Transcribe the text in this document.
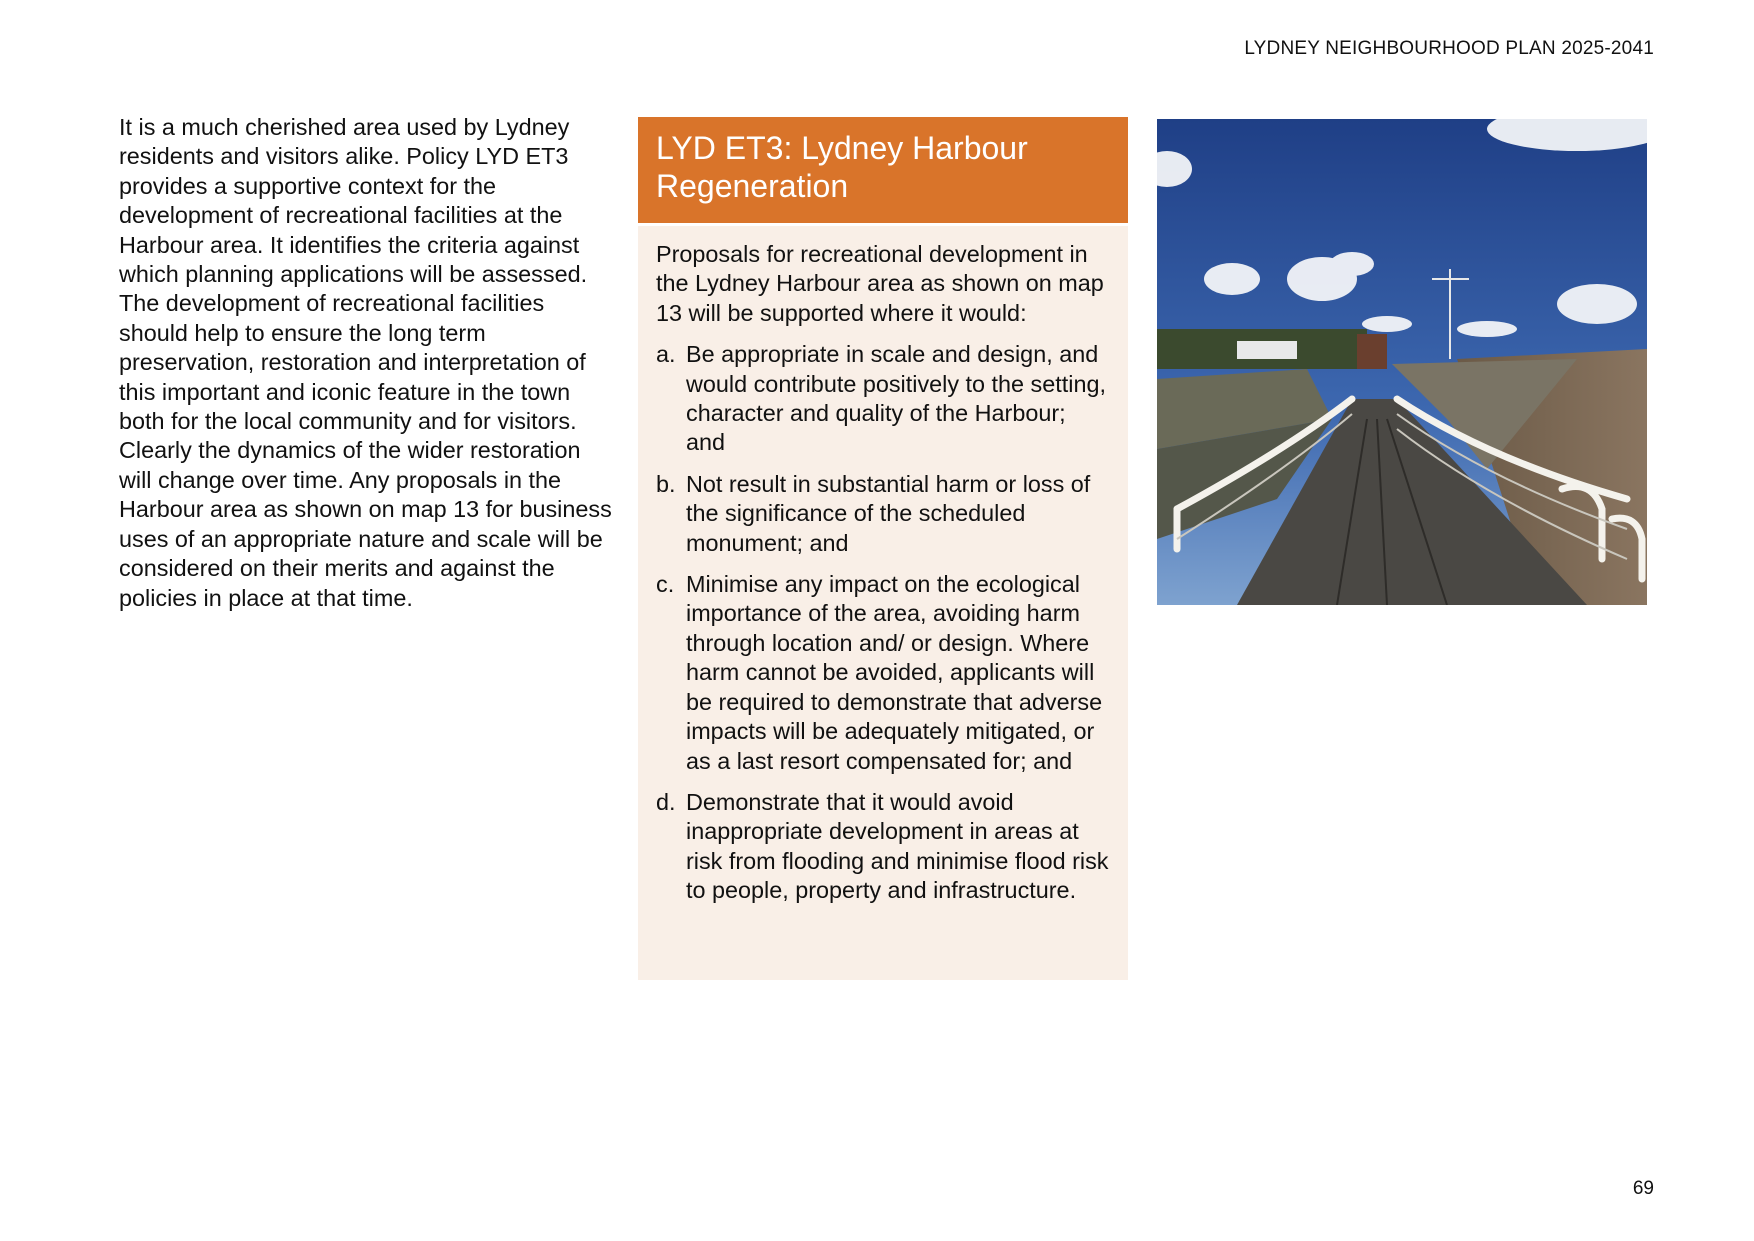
LYDNEY NEIGHBOURHOOD PLAN 2025-2041

It is a much cherished area used by Lydney residents and visitors alike. Policy LYD ET3 provides a supportive context for the development of recreational facilities at the Harbour area. It identifies the criteria against which planning applications will be assessed. The development of recreational facilities should help to ensure the long term preservation, restoration and interpretation of this important and iconic feature in the town both for the local community and for visitors. Clearly the dynamics of the wider restoration will change over time. Any proposals in the Harbour area as shown on map 13 for business uses of an appropriate nature and scale will be considered on their merits and against the policies in place at that time.

LYD ET3: Lydney Harbour Regeneration

Proposals for recreational development in the Lydney Harbour area as shown on map 13 will be supported where it would:

a. Be appropriate in scale and design, and would contribute positively to the setting, character and quality of the Harbour; and
b. Not result in substantial harm or loss of the significance of the scheduled monument; and
c. Minimise any impact on the ecological importance of the area, avoiding harm through location and/ or design. Where harm cannot be avoided, applicants will be required to demonstrate that adverse impacts will be adequately mitigated, or as a last resort compensated for; and
d. Demonstrate that it would avoid inappropriate development in areas at risk from flooding and minimise flood risk to people, property and infrastructure.
69
